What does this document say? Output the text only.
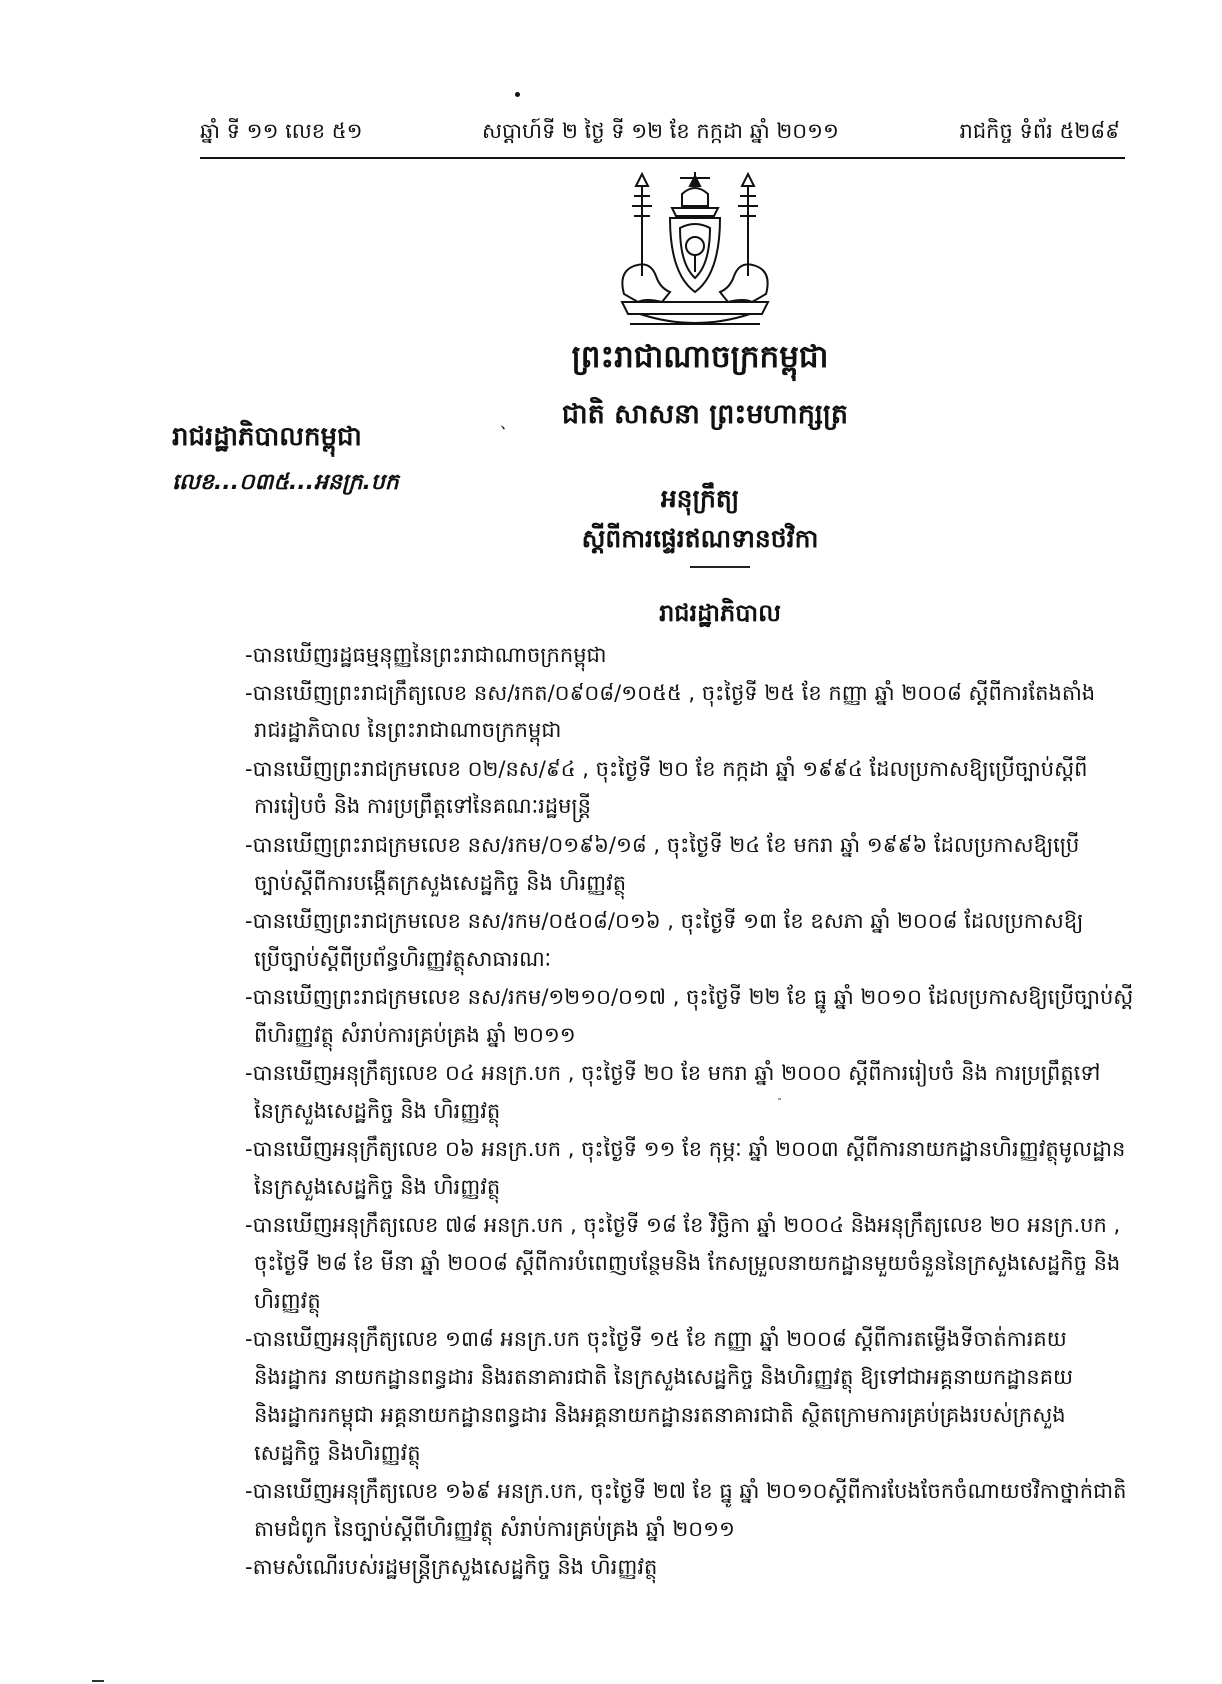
ឆ្នាំ ទី ១១ លេខ ៥១	សប្តាហ៍ទី ២ ថ្ងៃ ទី ១២ ខែ កក្កដា ឆ្នាំ ២០១១	រាជកិច្ច ទំព័រ ៥២៨៩
ព្រះរាជាណាចក្រកម្ពុជា
、	ជាតិ សាសនា ព្រះមហាក្សត្រ
រាជរដ្ឋាភិបាលកម្ពុជា
លេខ...០៣៥...អនក្រ.បក
អនុក្រឹត្យ
ស្តីពីការផ្ទេរឥណទានថវិកា
រាជរដ្ឋាភិបាល
-បានឃើញរដ្ឋធម្មនុញ្ញនៃព្រះរាជាណាចក្រកម្ពុជា
-បានឃើញព្រះរាជក្រឹត្យលេខ នស/រកត/០៩០៨/១០៥៥ , ចុះថ្ងៃទី ២៥ ខែ កញ្ញា ឆ្នាំ ២០០៨ ស្តីពីការតែងតាំង
រាជរដ្ឋាភិបាល នៃព្រះរាជាណាចក្រកម្ពុជា
-បានឃើញព្រះរាជក្រមលេខ ០២/នស/៩៤ , ចុះថ្ងៃទី ២០ ខែ កក្កដា ឆ្នាំ ១៩៩៤ ដែលប្រកាសឱ្យប្រើច្បាប់ស្តីពី
ការរៀបចំ និង ការប្រព្រឹត្តទៅនៃគណៈរដ្ឋមន្ត្រី
-បានឃើញព្រះរាជក្រមលេខ នស/រកម/០១៩៦/១៨ , ចុះថ្ងៃទី ២៤ ខែ មករា ឆ្នាំ ១៩៩៦ ដែលប្រកាសឱ្យប្រើ
ច្បាប់ស្តីពីការបង្កើតក្រសួងសេដ្ឋកិច្ច និង ហិរញ្ញវត្ថុ
-បានឃើញព្រះរាជក្រមលេខ នស/រកម/០៥០៨/០១៦ , ចុះថ្ងៃទី ១៣ ខែ ឧសភា ឆ្នាំ ២០០៨ ដែលប្រកាសឱ្យ
ប្រើច្បាប់ស្តីពីប្រព័ន្ធហិរញ្ញវត្ថុសាធារណៈ
-បានឃើញព្រះរាជក្រមលេខ នស/រកម/១២១០/០១៧ , ចុះថ្ងៃទី ២២ ខែ ធ្នូ ឆ្នាំ ២០១០ ដែលប្រកាសឱ្យប្រើច្បាប់ស្តី
ពីហិរញ្ញវត្ថុ សំរាប់ការគ្រប់គ្រង ឆ្នាំ ២០១១
-បានឃើញអនុក្រឹត្យលេខ ០៤ អនក្រ.បក , ចុះថ្ងៃទី ២០ ខែ មករា ឆ្នាំ ២០០០ ស្តីពីការរៀបចំ និង ការប្រព្រឹត្តទៅ
នៃក្រសួងសេដ្ឋកិច្ច និង ហិរញ្ញវត្ថុ
-បានឃើញអនុក្រឹត្យលេខ ០៦ អនក្រ.បក , ចុះថ្ងៃទី ១១ ខែ កុម្ភៈ ឆ្នាំ ២០០៣ ស្តីពីការនាយកដ្ឋានហិរញ្ញវត្ថុមូលដ្ឋាន
នៃក្រសួងសេដ្ឋកិច្ច និង ហិរញ្ញវត្ថុ
-បានឃើញអនុក្រឹត្យលេខ ៧៨ អនក្រ.បក , ចុះថ្ងៃទី ១៨ ខែ វិច្ឆិកា ឆ្នាំ ២០០៤ និងអនុក្រឹត្យលេខ ២០ អនក្រ.បក ,
ចុះថ្ងៃទី ២៨ ខែ មីនា ឆ្នាំ ២០០៨ ស្តីពីការបំពេញបន្ថែមនិង កែសម្រួលនាយកដ្ឋានមួយចំនួននៃក្រសួងសេដ្ឋកិច្ច និង
ហិរញ្ញវត្ថុ
-បានឃើញអនុក្រឹត្យលេខ ១៣៨ អនក្រ.បក ចុះថ្ងៃទី ១៥ ខែ កញ្ញា ឆ្នាំ ២០០៨ ស្តីពីការតម្លើងទីចាត់ការគយ
និងរដ្ឋាករ នាយកដ្ឋានពន្ធដារ និងរតនាគារជាតិ នៃក្រសួងសេដ្ឋកិច្ច និងហិរញ្ញវត្ថុ ឱ្យទៅជាអគ្គនាយកដ្ឋានគយ
និងរដ្ឋាករកម្ពុជា អគ្គនាយកដ្ឋានពន្ធដារ និងអគ្គនាយកដ្ឋានរតនាគារជាតិ ស្ថិតក្រោមការគ្រប់គ្រងរបស់ក្រសួង
សេដ្ឋកិច្ច និងហិរញ្ញវត្ថុ
-បានឃើញអនុក្រឹត្យលេខ ១៦៩ អនក្រ.បក, ចុះថ្ងៃទី ២៧ ខែ ធ្នូ ឆ្នាំ ២០១០ស្តីពីការបែងចែកចំណាយថវិកាថ្នាក់ជាតិ
តាមជំពូក នៃច្បាប់ស្តីពីហិរញ្ញវត្ថុ សំរាប់ការគ្រប់គ្រង ឆ្នាំ ២០១១
-តាមសំណើរបស់រដ្ឋមន្ត្រីក្រសួងសេដ្ឋកិច្ច និង ហិរញ្ញវត្ថុ
